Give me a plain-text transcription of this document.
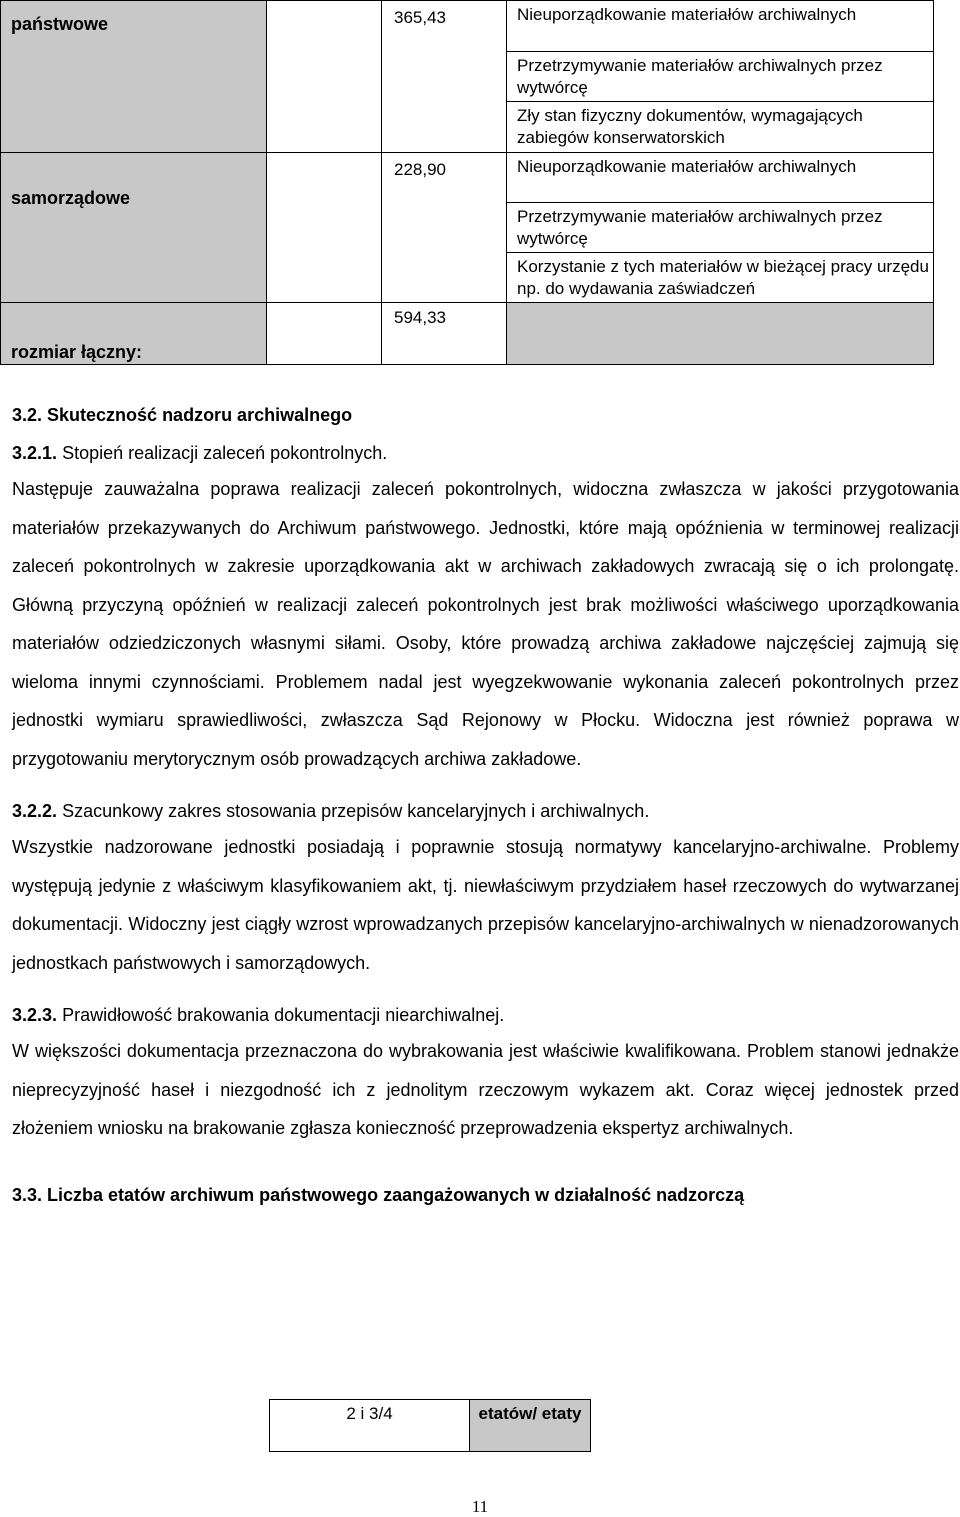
państwowe		365,43	Nieuporządkowanie materiałów archiwalnych
Przetrzymywanie materiałów archiwalnych przez wytwórcę
Zły stan fizyczny dokumentów, wymagających zabiegów konserwatorskich

samorządowe		228,90	Nieuporządkowanie materiałów archiwalnych
Przetrzymywanie materiałów archiwalnych przez wytwórcę
Korzystanie z tych materiałów w bieżącej pracy urzędu np. do wydawania zaświadczeń

rozmiar łączny:		594,33	

3.2. Skuteczność nadzoru archiwalnego

3.2.1. Stopień realizacji zaleceń pokontrolnych.

Następuje zauważalna poprawa realizacji zaleceń pokontrolnych, widoczna zwłaszcza w jakości przygotowania materiałów przekazywanych do Archiwum państwowego. Jednostki, które mają opóźnienia w terminowej realizacji zaleceń pokontrolnych w zakresie uporządkowania akt w archiwach zakładowych zwracają się o ich prolongatę. Główną przyczyną opóźnień w realizacji zaleceń pokontrolnych jest brak możliwości właściwego uporządkowania materiałów odziedziczonych własnymi siłami. Osoby, które prowadzą archiwa zakładowe najczęściej zajmują się wieloma innymi czynnościami. Problemem nadal jest wyegzekwowanie wykonania zaleceń pokontrolnych przez jednostki wymiaru sprawiedliwości, zwłaszcza Sąd Rejonowy w Płocku. Widoczna jest również poprawa w przygotowaniu merytorycznym osób prowadzących archiwa zakładowe.

3.2.2. Szacunkowy zakres stosowania przepisów kancelaryjnych i archiwalnych.

Wszystkie nadzorowane jednostki posiadają i poprawnie stosują normatywy kancelaryjno-archiwalne. Problemy występują jedynie z właściwym klasyfikowaniem akt, tj. niewłaściwym przydziałem haseł rzeczowych do wytwarzanej dokumentacji. Widoczny jest ciągły wzrost wprowadzanych przepisów kancelaryjno-archiwalnych w nienadzorowanych jednostkach państwowych i samorządowych.

3.2.3. Prawidłowość brakowania dokumentacji niearchiwalnej.

W większości dokumentacja przeznaczona do wybrakowania jest właściwie kwalifikowana. Problem stanowi jednakże nieprecyzyjność haseł i niezgodność ich z jednolitym rzeczowym wykazem akt. Coraz więcej jednostek przed złożeniem wniosku na brakowanie zgłasza konieczność przeprowadzenia ekspertyz archiwalnych.

3.3. Liczba etatów archiwum państwowego zaangażowanych w działalność nadzorczą

2 i 3/4	etatów/ etaty
11
